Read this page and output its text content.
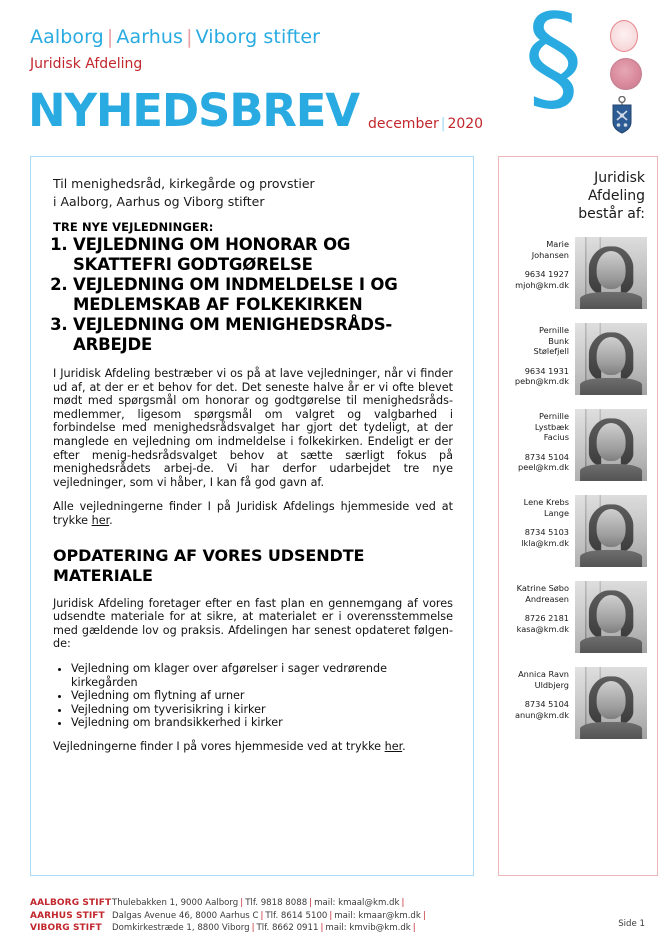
Aalborg | Aarhus | Viborg stifter
Juridisk Afdeling
NYHEDSBREV december | 2020 §
Til menighedsråd, kirkegårde og provstier
i Aalborg, Aarhus og Viborg stifter
TRE NYE VEJLEDNINGER:
1. VEJLEDNING OM HONORAR OG SKATTEFRI GODTGØRELSE
2. VEJLEDNING OM INDMELDELSE I OG MEDLEMSKAB AF FOLKEKIRKEN
3. VEJLEDNING OM MENIGHEDSRÅDS-ARBEJDE

I Juridisk Afdeling bestræber vi os på at lave vejledninger, når vi finder ud af, at der er et behov for det. Det seneste halve år er vi ofte blevet mødt med spørgsmål om honorar og godtgørelse til menighedsråds-medlemmer, ligesom spørgsmål om valgret og valgbarhed i forbindelse med menighedsrådsvalget har gjort det tydeligt, at der manglede en vejledning om indmeldelse i folkekirken. Endeligt er der efter menig-hedsrådsvalget behov at sætte særligt fokus på menighedsrådets arbej-de. Vi har derfor udarbejdet tre nye vejledninger, som vi håber, I kan få god gavn af.

Alle vejledningerne finder I på Juridisk Afdelings hjemmeside ved at trykke her.

OPDATERING AF VORES UDSENDTE MATERIALE

Juridisk Afdeling foretager efter en fast plan en gennemgang af vores udsendte materiale for at sikre, at materialet er i overensstemmelse med gældende lov og praksis. Afdelingen har senest opdateret følgen-de:

• Vejledning om klager over afgørelser i sager vedrørende kirkegården
• Vejledning om flytning af urner
• Vejledning om tyverisikring i kirker
• Vejledning om brandsikkerhed i kirker

Vejledningerne finder I på vores hjemmeside ved at trykke her.

Juridisk
Afdeling
består af:
Marie
Johansen
9634 1927
mjoh@km.dk
Pernille
Bunk
Stølefjell
9634 1931
pebn@km.dk
Pernille
Lystbæk
Facius
8734 5104
peel@km.dk
Lene Krebs
Lange
8734 5103
lkla@km.dk
Katrine Søbo
Andreasen
8726 2181
kasa@km.dk
Annica Ravn
Uldbjerg
8734 5104
anun@km.dk
AALBORG STIFT Thulebakken 1, 9000 Aalborg | Tlf. 9818 8088 | mail: kmaal@km.dk |
AARHUS STIFT Dalgas Avenue 46, 8000 Aarhus C | Tlf. 8614 5100 | mail: kmaar@km.dk |
VIBORG STIFT	Domkirkestræde 1, 8800 Viborg | Tlf. 8662 0911 | mail: kmvib@km.dk |	Side 1
